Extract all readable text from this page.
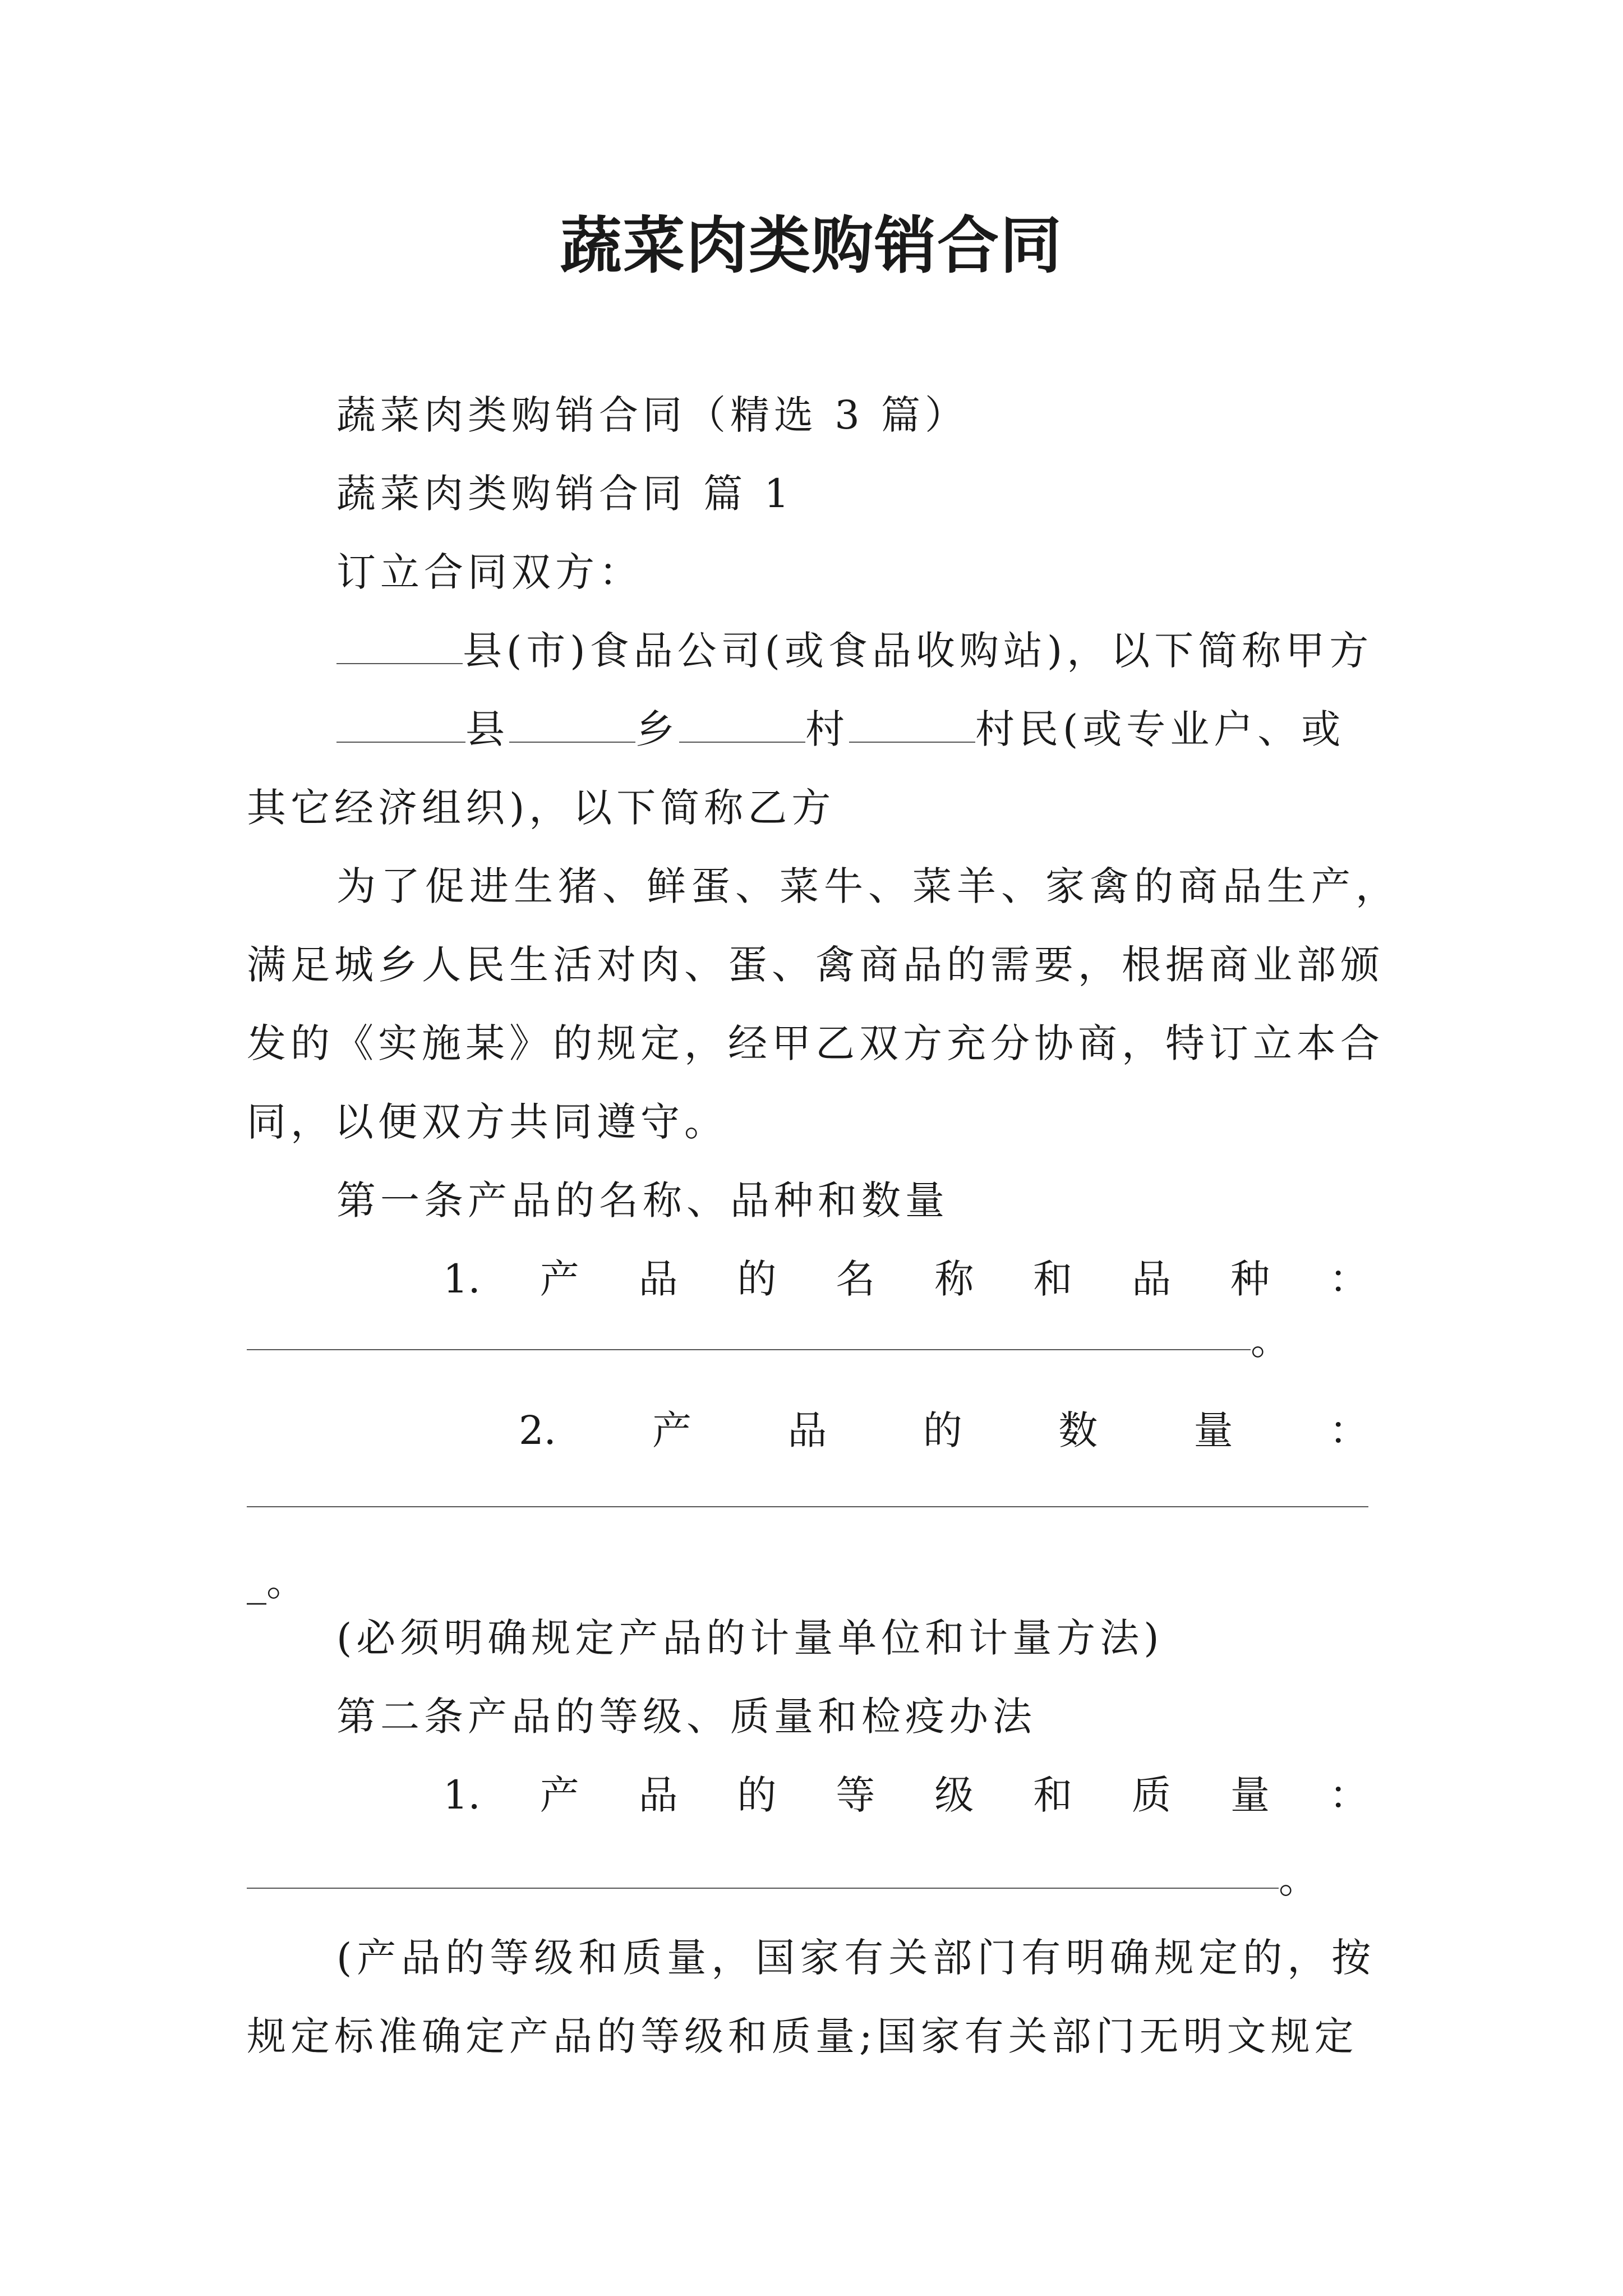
蔬菜肉类购销合同
蔬菜肉类购销合同（精选 3 篇）
蔬菜肉类购销合同 篇 1
订立合同双方：
县(市)食品公司(或食品收购站)，以下简称甲方
县	乡	村	村民(或专业户、或
其它经济组织)，以下简称乙方
为了促进生猪、鲜蛋、菜牛、菜羊、家禽的商品生产，
满足城乡人民生活对肉、蛋、禽商品的需要，根据商业部颁
发的《实施某》的规定，经甲乙双方充分协商，特订立本合
同，以便双方共同遵守。
第一条产品的名称、品种和数量
1. 产 品 的 名 称 和 品 种 ：
。
2. 产 品 的 数 量 ：
_。
(必须明确规定产品的计量单位和计量方法)
第二条产品的等级、质量和检疫办法
1. 产 品 的 等 级 和 质 量 ：
。
(产品的等级和质量，国家有关部门有明确规定的，按
规定标准确定产品的等级和质量;国家有关部门无明文规定
